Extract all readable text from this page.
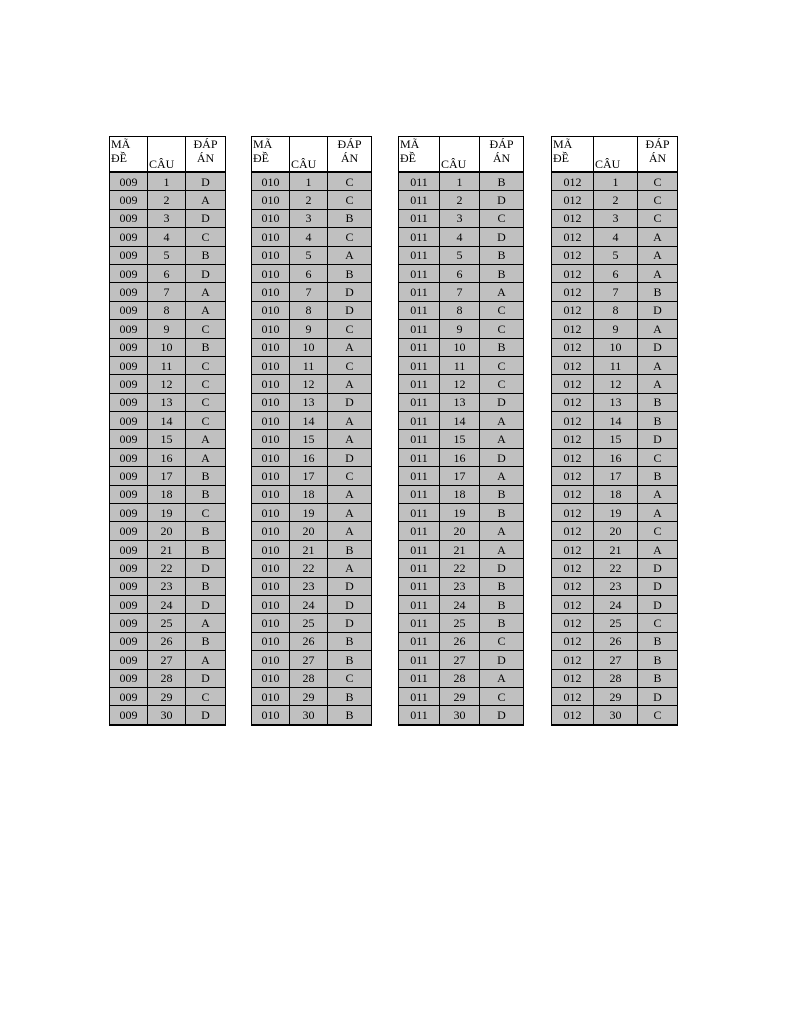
MÃ
ĐỀ	CÂU	ĐÁP
ÁN

009	1	D
009	2	A
009	3	D
009	4	C
009	5	B
009	6	D
009	7	A
009	8	A
009	9	C
009	10	B
009	11	C
009	12	C
009	13	C
009	14	C
009	15	A
009	16	A
009	17	B
009	18	B
009	19	C
009	20	B
009	21	B
009	22	D
009	23	B
009	24	D
009	25	A
009	26	B
009	27	A
009	28	D
009	29	C
009	30	D
MÃ
ĐỀ	CÂU	ĐÁP
ÁN

010	1	C
010	2	C
010	3	B
010	4	C
010	5	A
010	6	B
010	7	D
010	8	D
010	9	C
010	10	A
010	11	C
010	12	A
010	13	D
010	14	A
010	15	A
010	16	D
010	17	C
010	18	A
010	19	A
010	20	A
010	21	B
010	22	A
010	23	D
010	24	D
010	25	D
010	26	B
010	27	B
010	28	C
010	29	B
010	30	B
MÃ
ĐỀ	CÂU	ĐÁP
ÁN

011	1	B
011	2	D
011	3	C
011	4	D
011	5	B
011	6	B
011	7	A
011	8	C
011	9	C
011	10	B
011	11	C
011	12	C
011	13	D
011	14	A
011	15	A
011	16	D
011	17	A
011	18	B
011	19	B
011	20	A
011	21	A
011	22	D
011	23	B
011	24	B
011	25	B
011	26	C
011	27	D
011	28	A
011	29	C
011	30	D
MÃ
ĐỀ	CÂU	ĐÁP
ÁN

012	1	C
012	2	C
012	3	C
012	4	A
012	5	A
012	6	A
012	7	B
012	8	D
012	9	A
012	10	D
012	11	A
012	12	A
012	13	B
012	14	B
012	15	D
012	16	C
012	17	B
012	18	A
012	19	A
012	20	C
012	21	A
012	22	D
012	23	D
012	24	D
012	25	C
012	26	B
012	27	B
012	28	B
012	29	D
012	30	C
